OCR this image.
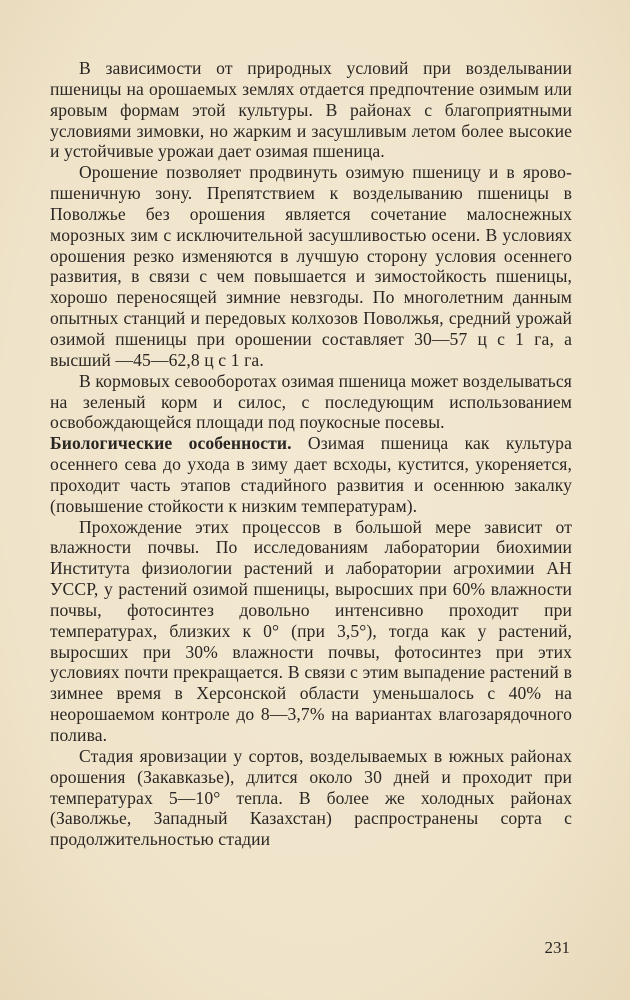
В зависимости от природных условий при возделывании пшеницы на орошаемых землях отдается предпочтение озимым или яровым формам этой культуры. В районах с благоприятными условиями зимовки, но жарким и засушливым летом более высокие и устойчивые урожаи дает озимая пшеница.

Орошение позволяет продвинуть озимую пшеницу и в ярово-пшеничную зону. Препятствием к возделыванию пшеницы в Поволжье без орошения является сочетание малоснежных морозных зим с исключительной засушливостью осени. В условиях орошения резко изменяются в лучшую сторону условия осеннего развития, в связи с чем повышается и зимостойкость пшеницы, хорошо переносящей зимние невзгоды. По многолетним данным опытных станций и передовых колхозов Поволжья, средний урожай озимой пшеницы при орошении составляет 30—57 ц с 1 га, а высший —45—62,8 ц с 1 га.

В кормовых севооборотах озимая пшеница может возделываться на зеленый корм и силос, с последующим использованием освобождающейся площади под поукосные посевы.

Биологические особенности. Озимая пшеница как культура осеннего сева до ухода в зиму дает всходы, кустится, укореняется, проходит часть этапов стадийного развития и осеннюю закалку (повышение стойкости к низким температурам).

Прохождение этих процессов в большой мере зависит от влажности почвы. По исследованиям лаборатории биохимии Института физиологии растений и лаборатории агрохимии АН УССР, у растений озимой пшеницы, выросших при 60% влажности почвы, фотосинтез довольно интенсивно проходит при температурах, близких к 0° (при 3,5°), тогда как у растений, выросших при 30% влажности почвы, фотосинтез при этих условиях почти прекращается. В связи с этим выпадение растений в зимнее время в Херсонской области уменьшалось с 40% на неорошаемом контроле до 8—3,7% на вариантах влагозарядочного полива.

Стадия яровизации у сортов, возделываемых в южных районах орошения (Закавказье), длится около 30 дней и проходит при температурах 5—10° тепла. В более же холодных районах (Заволжье, Западный Казахстан) распространены сорта с продолжительностью стадии

231
